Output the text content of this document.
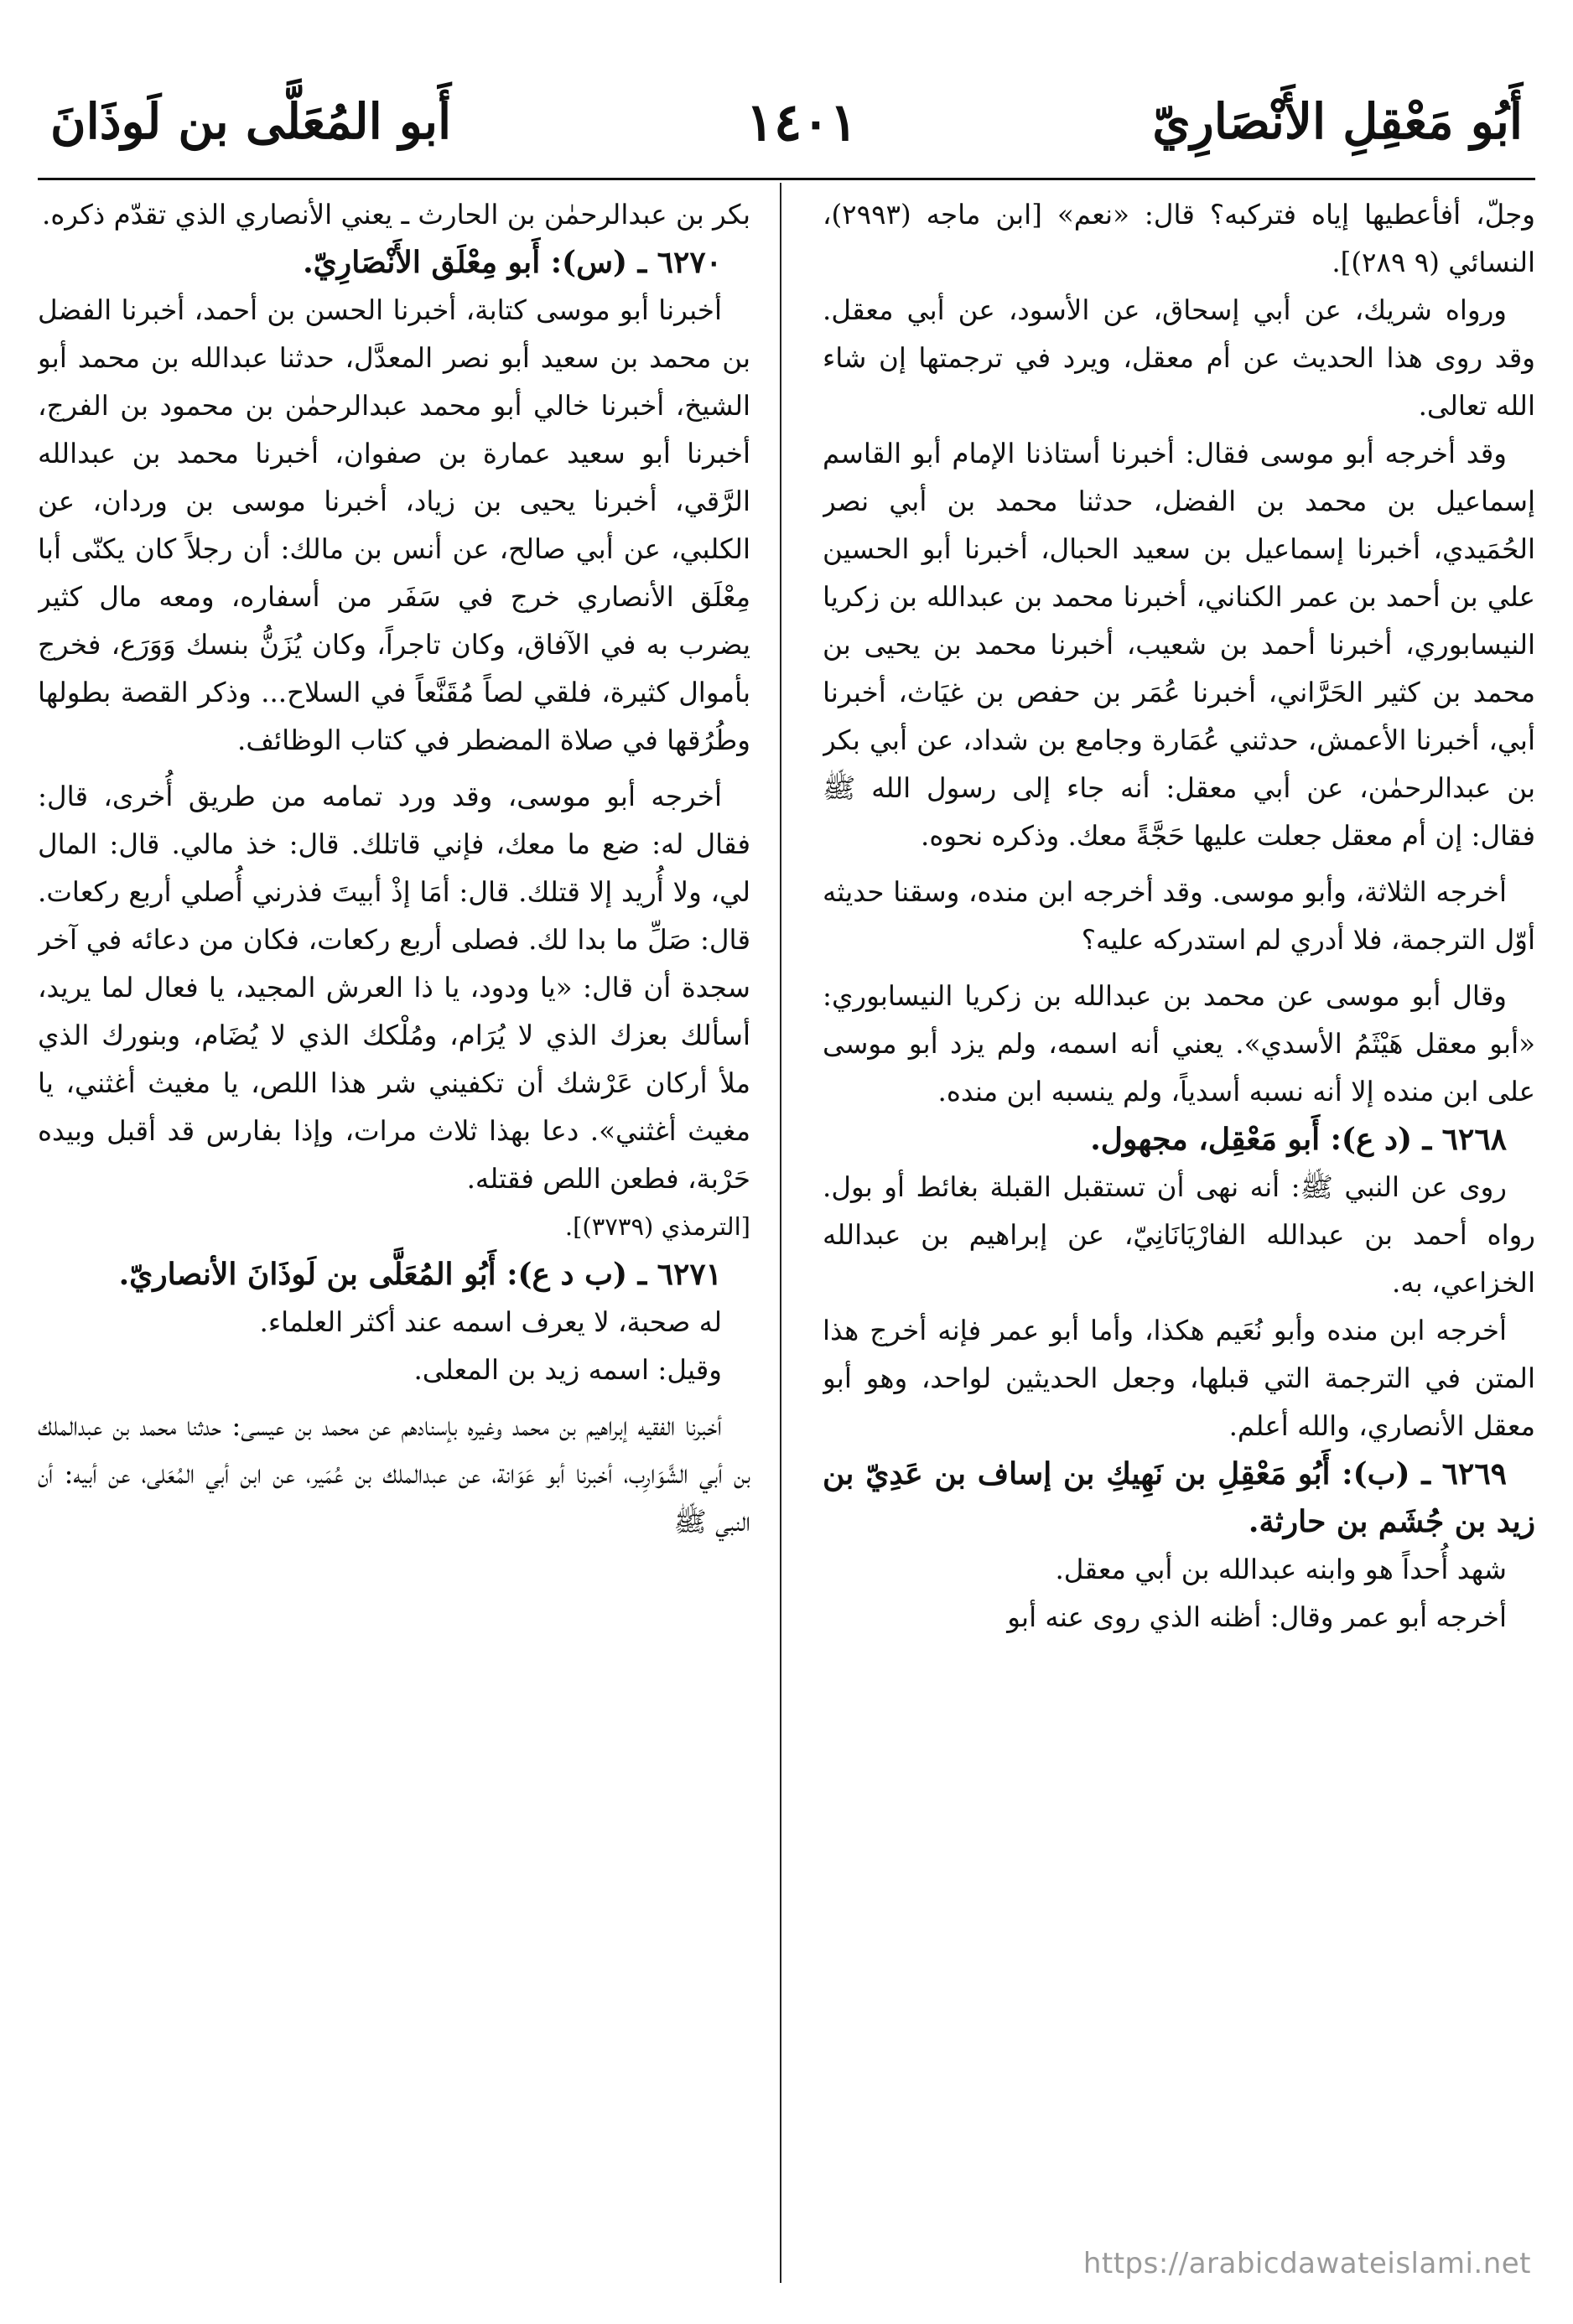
أَبُو مَعْقِلِ الأَنْصَارِيّ
١٤٠١
أَبو المُعَلَّى بن لَوذَانَ

وجلّ، أفأعطيها إياه فتركبه؟ قال: «نعم» [ابن ماجه (٢٩٩٣)، النسائي (٩ ٢٨٩)].

ورواه شريك، عن أبي إسحاق، عن الأسود، عن أبي معقل. وقد روى هذا الحديث عن أم معقل، ويرد في ترجمتها إن شاء الله تعالى.

وقد أخرجه أبو موسى فقال: أخبرنا أستاذنا الإمام أبو القاسم إسماعيل بن محمد بن الفضل، حدثنا محمد بن أبي نصر الحُمَيدي، أخبرنا إسماعيل بن سعيد الحبال، أخبرنا أبو الحسين علي بن أحمد بن عمر الكناني، أخبرنا محمد بن عبدالله بن زكريا النيسابوري، أخبرنا أحمد بن شعيب، أخبرنا محمد بن يحيى بن محمد بن كثير الحَرَّاني، أخبرنا عُمَر بن حفص بن غيَاث، أخبرنا أبي، أخبرنا الأعمش، حدثني عُمَارة وجامع بن شداد، عن أبي بكر بن عبدالرحمٰن، عن أبي معقل: أنه جاء إلى رسول الله ﷺ فقال: إن أم معقل جعلت عليها حَجَّةً معك. وذكره نحوه.

أخرجه الثلاثة، وأبو موسى. وقد أخرجه ابن منده، وسقنا حديثه أوّل الترجمة، فلا أدري لم استدركه عليه؟

وقال أبو موسى عن محمد بن عبدالله بن زكريا النيسابوري: «أبو معقل هَيْثَمُ الأسدي». يعني أنه اسمه، ولم يزد أبو موسى على ابن منده إلا أنه نسبه أسدياً، ولم ينسبه ابن منده.

٦٢٦٨ ـ (د ع): أَبو مَعْقِل، مجهول.

روى عن النبي ﷺ: أنه نهى أن تستقبل القبلة بغائط أو بول. رواه أحمد بن عبدالله الفارْيَانَانِيّ، عن إبراهيم بن عبدالله الخزاعي، به.

أخرجه ابن منده وأبو نُعَيم هكذا، وأما أبو عمر فإنه أخرج هذا المتن في الترجمة التي قبلها، وجعل الحديثين لواحد، وهو أبو معقل الأنصاري، والله أعلم.

٦٢٦٩ ـ (ب): أَبُو مَعْقِلِ بن نَهِيكِ بن إساف بن عَدِيّ بن زيد بن جُشَم بن حارثة.

شهد أُحداً هو وابنه عبدالله بن أبي معقل.

أخرجه أبو عمر وقال: أظنه الذي روى عنه أبو

بكر بن عبدالرحمٰن بن الحارث ـ يعني الأنصاري الذي تقدّم ذكره.

٦٢٧٠ ـ (س): أَبو مِعْلَق الأَنْصَارِيّ.

أخبرنا أبو موسى كتابة، أخبرنا الحسن بن أحمد، أخبرنا الفضل بن محمد بن سعيد أبو نصر المعدَّل، حدثنا عبدالله بن محمد أبو الشيخ، أخبرنا خالي أبو محمد عبدالرحمٰن بن محمود بن الفرج، أخبرنا أبو سعيد عمارة بن صفوان، أخبرنا محمد بن عبدالله الرَّقي، أخبرنا يحيى بن زياد، أخبرنا موسى بن وردان، عن الكلبي، عن أبي صالح، عن أنس بن مالك: أن رجلاً كان يكنّى أبا مِعْلَق الأنصاري خرج في سَفَر من أسفاره، ومعه مال كثير يضرب به في الآفاق، وكان تاجراً، وكان يُزَنُّ بنسك وَوَرَع، فخرج بأموال كثيرة، فلقي لصاً مُقَنَّعاً في السلاح... وذكر القصة بطولها وطُرُقها في صلاة المضطر في كتاب الوظائف.

أخرجه أبو موسى، وقد ورد تمامه من طريق أُخرى، قال: فقال له: ضع ما معك، فإني قاتلك. قال: خذ مالي. قال: المال لي، ولا أُريد إلا قتلك. قال: أمَا إذْ أبيتَ فذرني أُصلي أربع ركعات. قال: صَلِّ ما بدا لك. فصلى أربع ركعات، فكان من دعائه في آخر سجدة أن قال: «يا ودود، يا ذا العرش المجيد، يا فعال لما يريد، أسألك بعزك الذي لا يُرَام، ومُلْكك الذي لا يُضَام، وبنورك الذي ملأ أركان عَرْشك أن تكفيني شر هذا اللص، يا مغيث أغثني، يا مغيث أغثني». دعا بهذا ثلاث مرات، وإذا بفارس قد أقبل وبيده حَرْبة، فطعن اللص فقتله.

[الترمذي (٣٧٣٩)].

٦٢٧١ ـ (ب د ع): أَبُو المُعَلَّى بن لَوذَانَ الأنصاريّ.

له صحبة، لا يعرف اسمه عند أكثر العلماء.

وقيل: اسمه زيد بن المعلى.

أخبرنا الفقيه إبراهيم بن محمد وغيره بإسنادهم عن محمد بن عيسى: حدثنا محمد بن عبدالملك بن أبي الشَّوَارِب، أخبرنا أبو عَوَانة، عن عبدالملك بن عُمَير، عن ابن أبي المُعَلى، عن أبيه: أن النبي ﷺ

https://arabicdawateislami.net
